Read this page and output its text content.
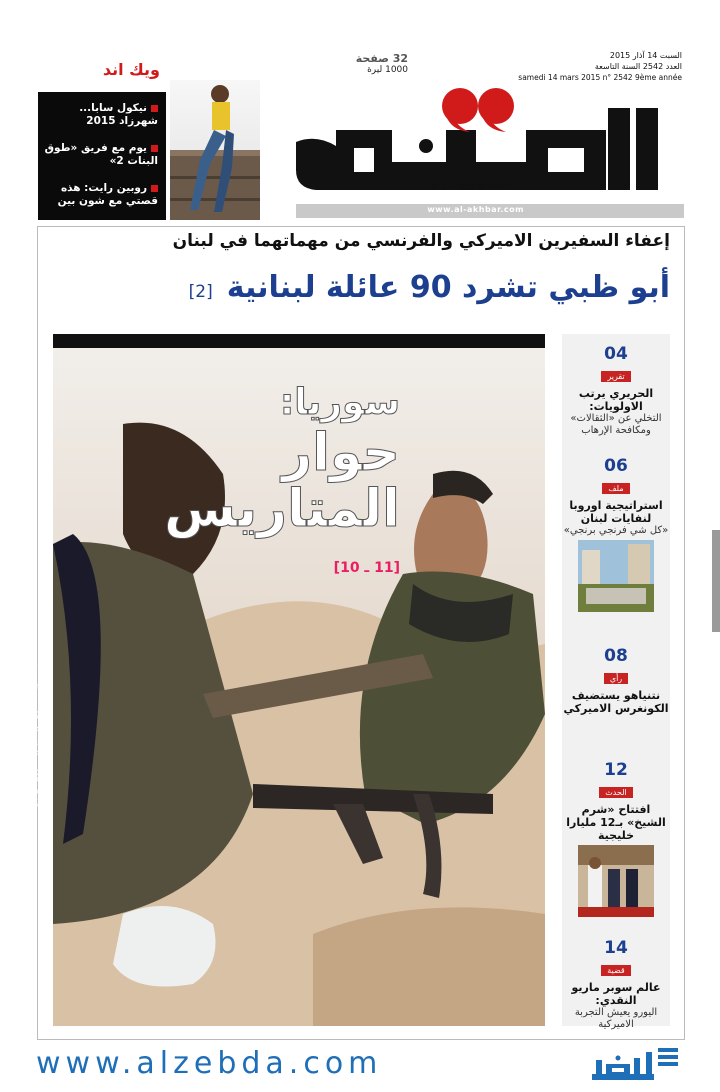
السبت 14 آذار 2015
العدد 2542 السنة التاسعة
samedi 14 mars 2015 n° 2542 9ème année
32 صفحة
1000 ليرة
al-akhbar
www.al-akhbar.com
ويك اند
نيكول سابا... شهرزاد 2015
يوم مع فريق «طوق البنات 2»
روبين رايت: هذه قصتي مع شون بين
إعفاء السفيرين الاميركي والفرنسي من مهماتهما في لبنان
أبو ظبي تشرد 90 عائلة لبنانية[2]
سوريا:
حوار
المتاريس
[11 ـ 10]
شعبة معاوية مقاتلون من الجيش السوري في جبهة...
04
تقرير
الحريري يرتب الاولويات:
التخلي عن «الثقالات» ومكافحة الإرهاب
06
ملف
استراتيجية اوروبا لنفايات لبنان
«كل شي فرنجي برنجي»
08
رأي
نتنياهو يستضيف الكونغرس الاميركي
12
الحدث
افتتاح «شرم الشيخ» بـ12 مليارا خليجية
14
قضية
عالم سوبر ماريو النقدي:
اليورو يعيش التجربة الاميركية
www.alzebda.com
